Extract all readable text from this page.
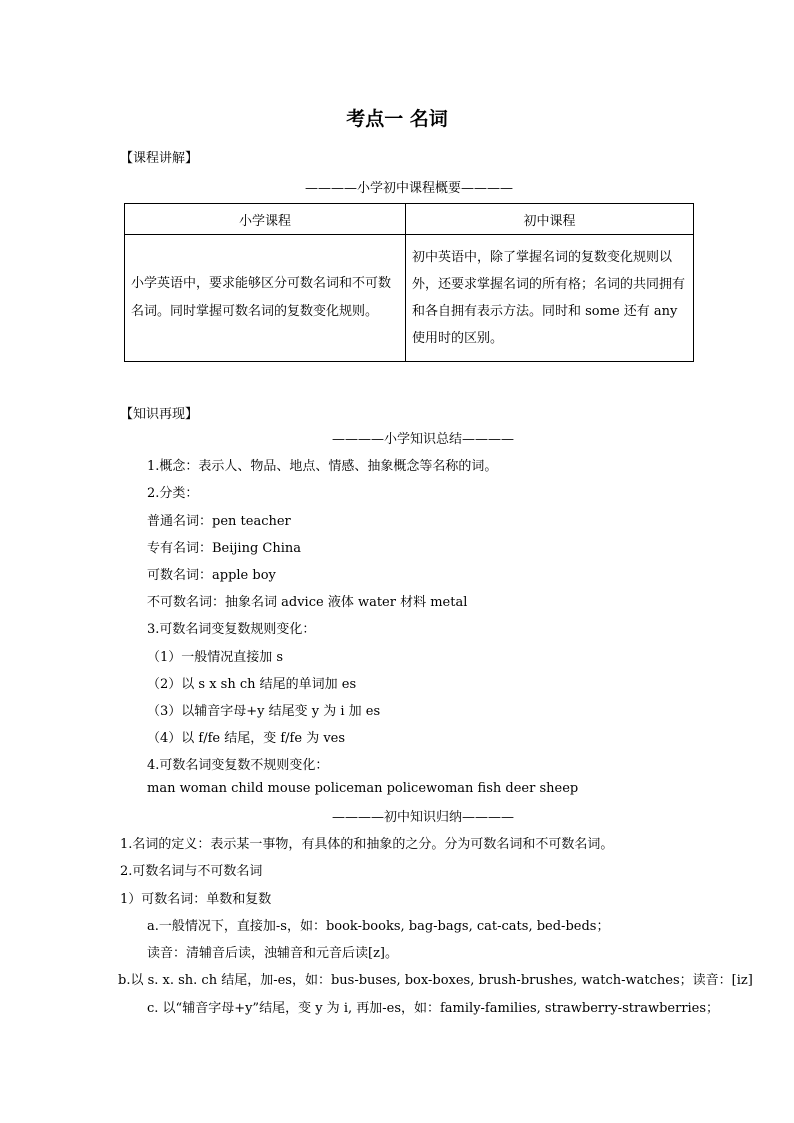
考点一 名词
【课程讲解】
————小学初中课程概要————
小学课程	初中课程
小学英语中，要求能够区分可数名词和不可数名词。同时掌握可数名词的复数变化规则。	初中英语中，除了掌握名词的复数变化规则以外，还要求掌握名词的所有格；名词的共同拥有和各自拥有表示方法。同时和 some 还有 any 使用时的区别。
【知识再现】
————小学知识总结————
1.概念：表示人、物品、地点、情感、抽象概念等名称的词。
2.分类：
普通名词：pen teacher
专有名词：Beijing China
可数名词：apple boy
不可数名词：抽象名词 advice 液体 water 材料 metal
3.可数名词变复数规则变化：
（1）一般情况直接加 s
（2）以 s x sh ch 结尾的单词加 es
（3）以辅音字母+y 结尾变 y 为 i 加 es
（4）以 f/fe 结尾，变 f/fe 为 ves
4.可数名词变复数不规则变化：
man woman child mouse policeman policewoman fish deer sheep
————初中知识归纳————
1.名词的定义：表示某一事物，有具体的和抽象的之分。分为可数名词和不可数名词。
2.可数名词与不可数名词
1）可数名词：单数和复数
a.一般情况下，直接加-s，如：book-books, bag-bags, cat-cats, bed-beds；
读音：清辅音后读，浊辅音和元音后读[z]。
b.以 s. x. sh. ch 结尾，加-es，如：bus-buses, box-boxes, brush-brushes, watch-watches；读音：[iz]
c. 以“辅音字母+y”结尾，变 y 为 i, 再加-es，如：family-families, strawberry-strawberries；
